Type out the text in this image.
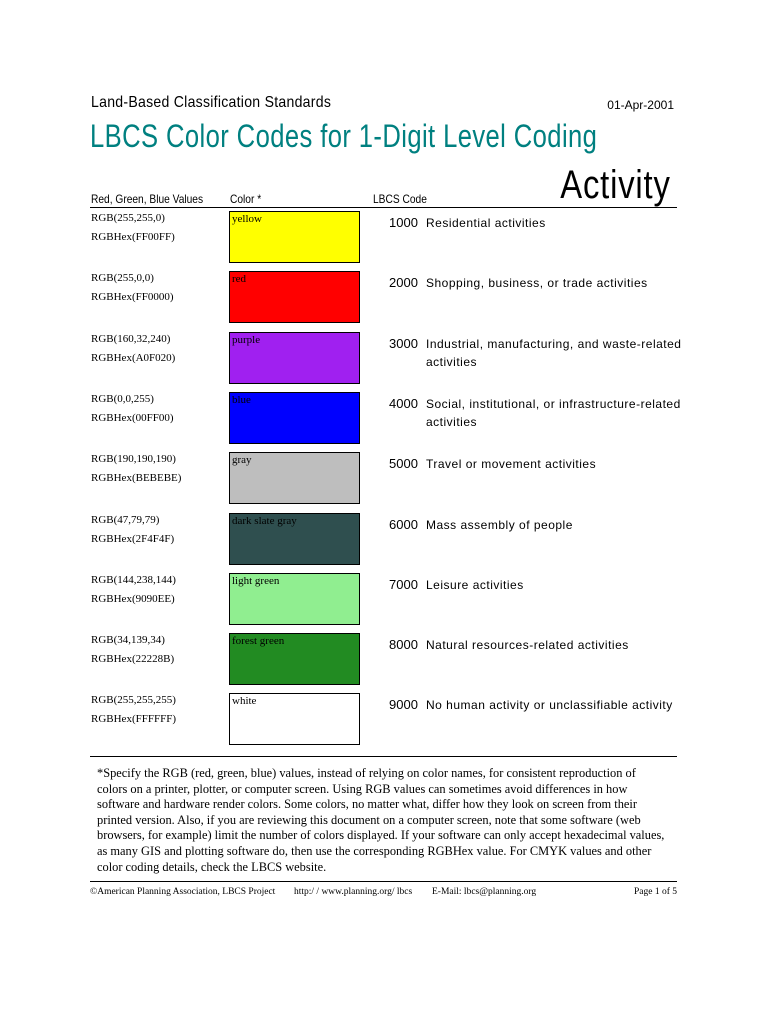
Land-Based Classification Standards	01-Apr-2001
LBCS Color Codes for 1-Digit Level Coding
Activity
Red, Green, Blue Values Color *	LBCS Code
RGB(255,255,0)
RGBHex(FF00FF)
yellow	1000 Residential activities
RGB(255,0,0)
RGBHex(FF0000)
red	2000 Shopping, business, or trade activities
RGB(160,32,240)
RGBHex(A0F020)
purple	3000 Industrial, manufacturing, and waste-related activities
RGB(0,0,255)
RGBHex(00FF00)
blue	4000 Social, institutional, or infrastructure-related activities
RGB(190,190,190)
RGBHex(BEBEBE)
gray	5000 Travel or movement activities
RGB(47,79,79)
RGBHex(2F4F4F)
dark slate gray	6000 Mass assembly of people
RGB(144,238,144)
RGBHex(9090EE)
light green	7000 Leisure activities
RGB(34,139,34)
RGBHex(22228B)
forest green	8000 Natural resources-related activities
RGB(255,255,255)
RGBHex(FFFFFF)
white	9000 No human activity or unclassifiable activity
*Specify the RGB (red, green, blue) values, instead of relying on color names, for consistent reproduction of colors on a printer, plotter, or computer screen. Using RGB values can sometimes avoid differences in how software and hardware render colors. Some colors, no matter what, differ how they look on screen from their printed version. Also, if you are reviewing this document on a computer screen, note that some software (web browsers, for example) limit the number of colors displayed. If your software can only accept hexadecimal values, as many GIS and plotting software do, then use the corresponding RGBHex value. For CMYK values and other color coding details, check the LBCS website.
©American Planning Association, LBCS Project http:/ / www.planning.org/ lbcs E-Mail: lbcs@planning.org	Page 1 of 5
